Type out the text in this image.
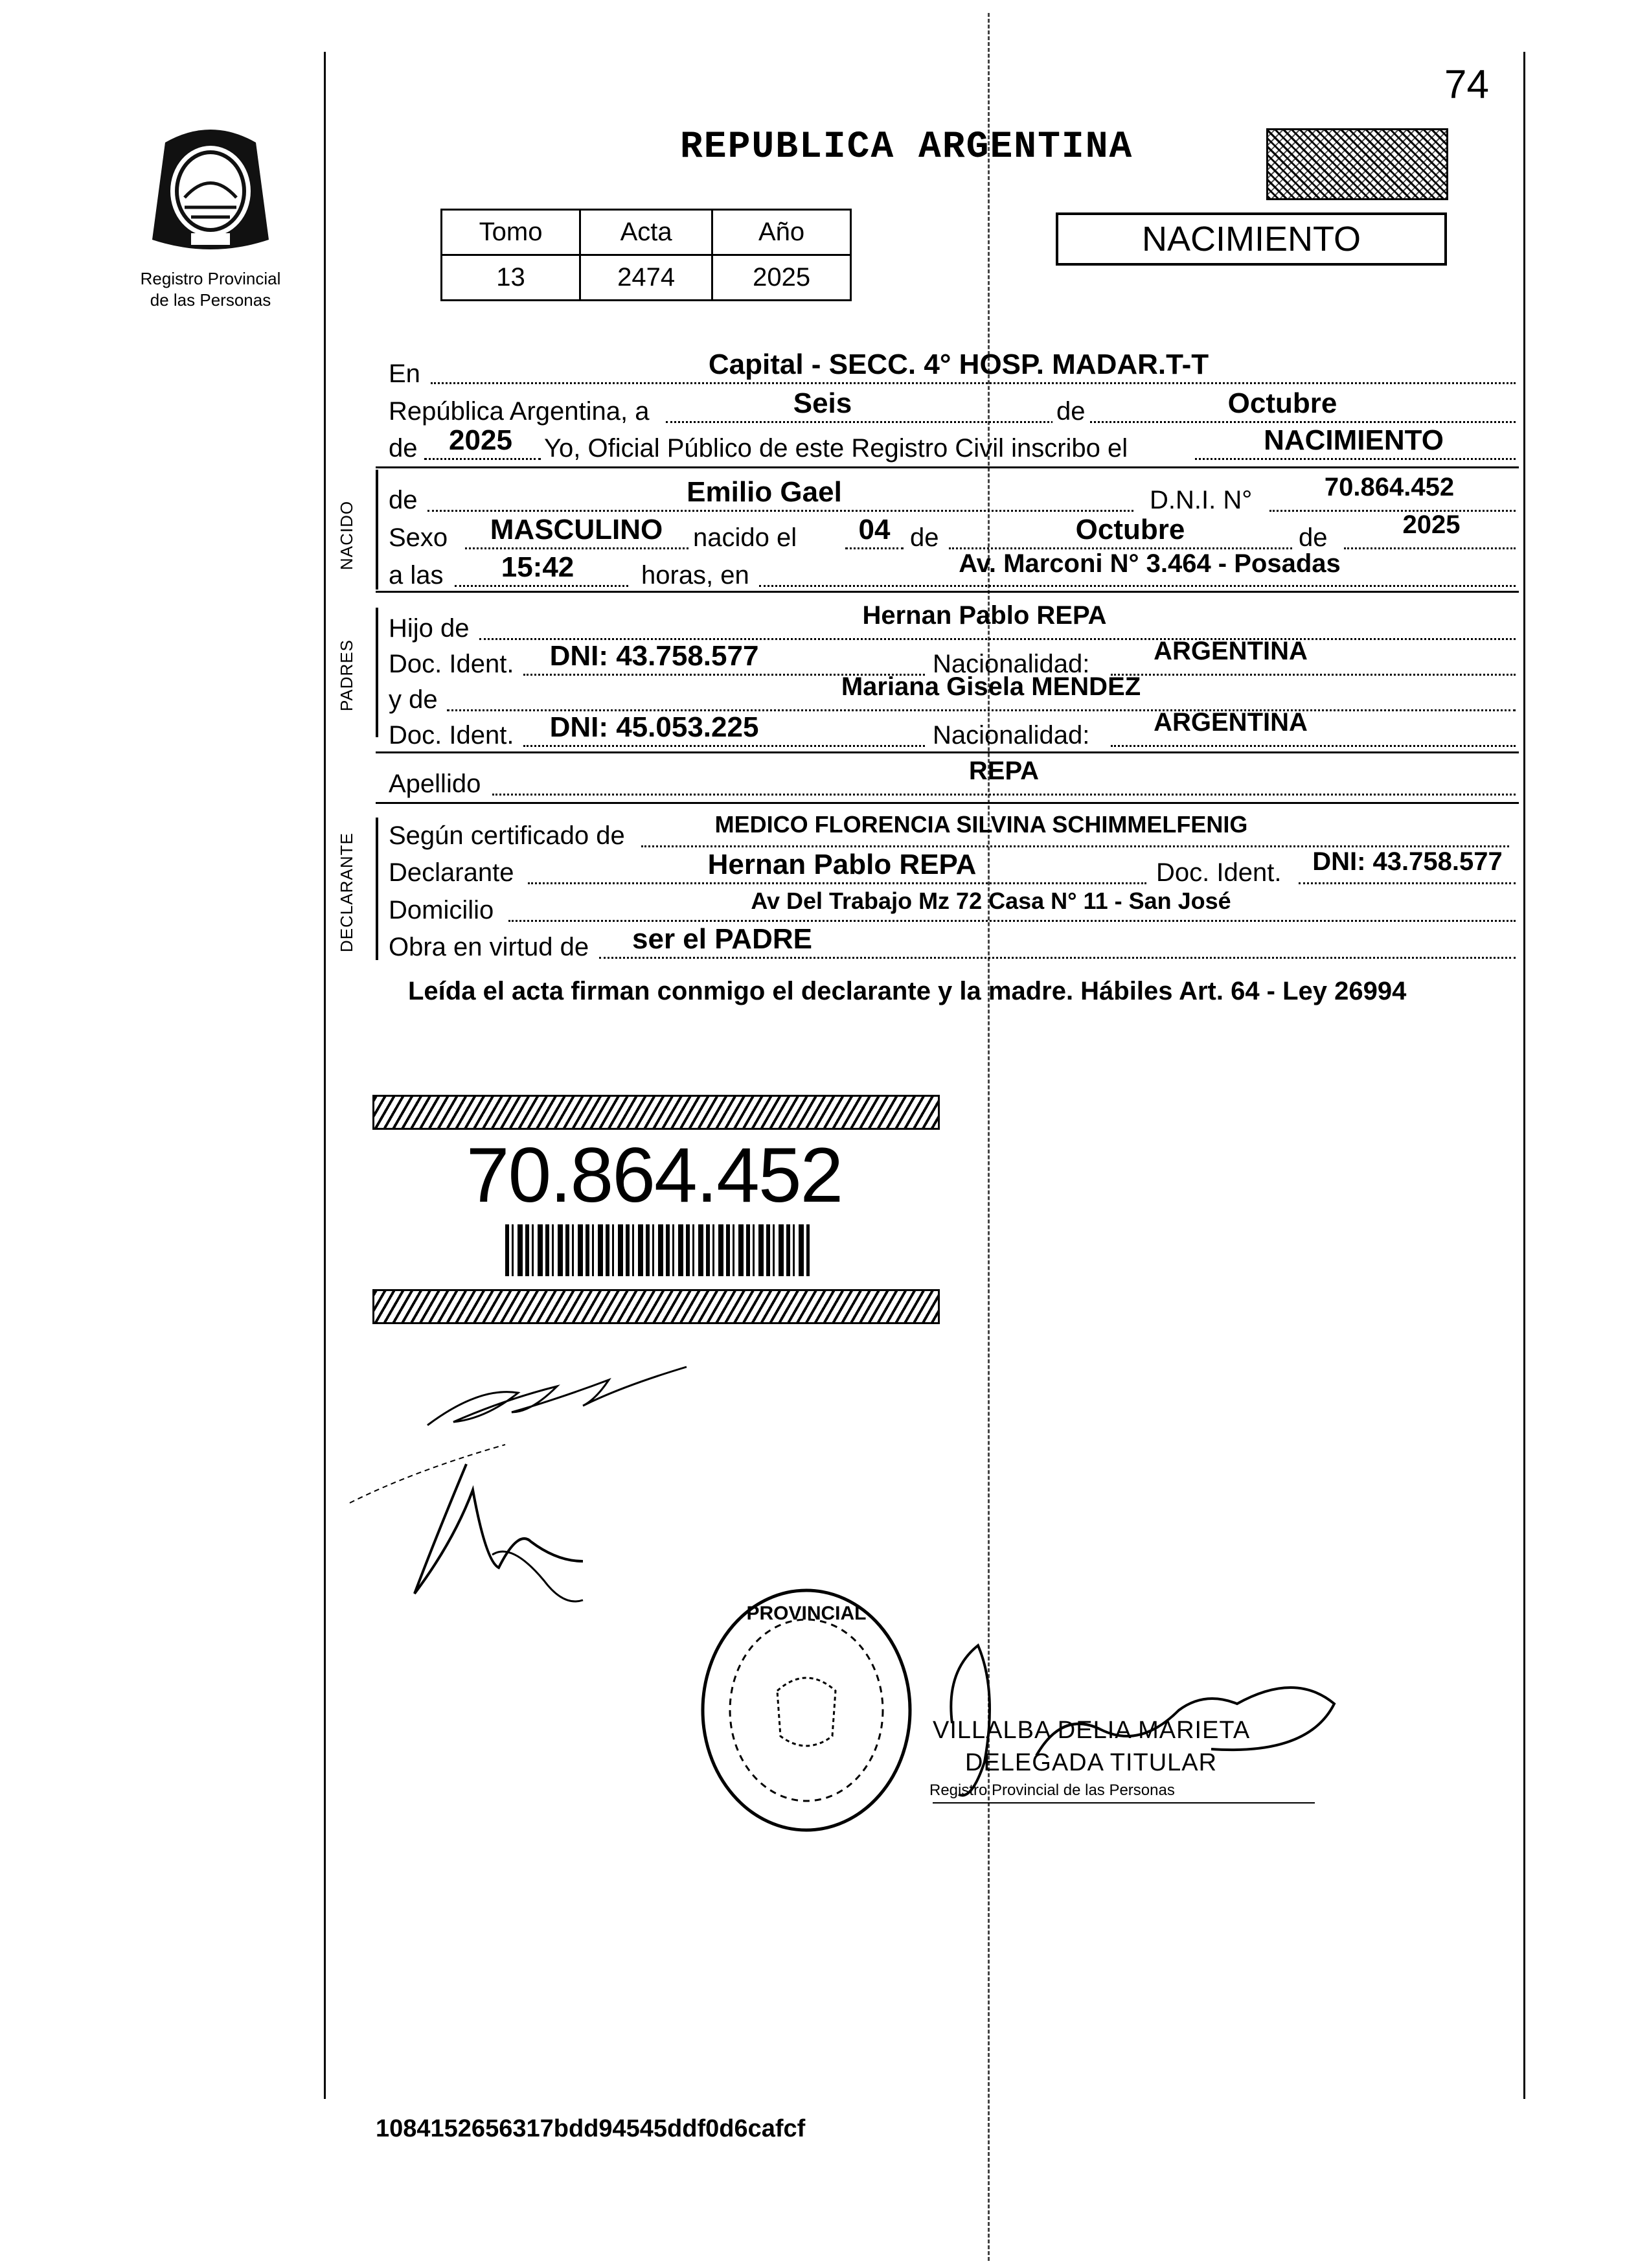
74
Registro Provincial
de las Personas
REPUBLICA ARGENTINA
Tomo	Acta	Año
13	2474	2025
NACIMIENTO
En	Capital - SECC. 4° HOSP. MADAR.T-T
República Argentina, a	Seis	de	Octubre
de	2025	Yo, Oficial Público de este Registro Civil inscribo el	NACIMIENTO
NACIDO
de	Emilio Gael	D.N.I. N°	70.864.452
Sexo	MASCULINO	nacido el	04 de	Octubre	de	2025
a las	15:42	horas, en	Av. Marconi N° 3.464 - Posadas
PADRES
Hijo de	Hernan Pablo REPA
Doc. Ident.	DNI: 43.758.577	Nacionalidad:	ARGENTINA
y de	Mariana Gisela MENDEZ
Doc. Ident.	DNI: 45.053.225	Nacionalidad:	ARGENTINA
Apellido	REPA
DECLARANTE Según certificado de	MEDICO FLORENCIA SILVINA SCHIMMELFENIG
Declarante	Hernan Pablo REPA	Doc. Ident.	DNI: 43.758.577
Domicilio	Av Del Trabajo Mz 72 Casa N° 11 - San José
Obra en virtud de	ser el PADRE
Leída el acta firman conmigo el declarante y la madre. Hábiles Art. 64 - Ley 26994
70.864.452
PROVINCIAL
VILLALBA DELIA MARIETA
DELEGADA TITULAR
Registro Provincial de las Personas
1084152656317bdd94545ddf0d6cafcf
